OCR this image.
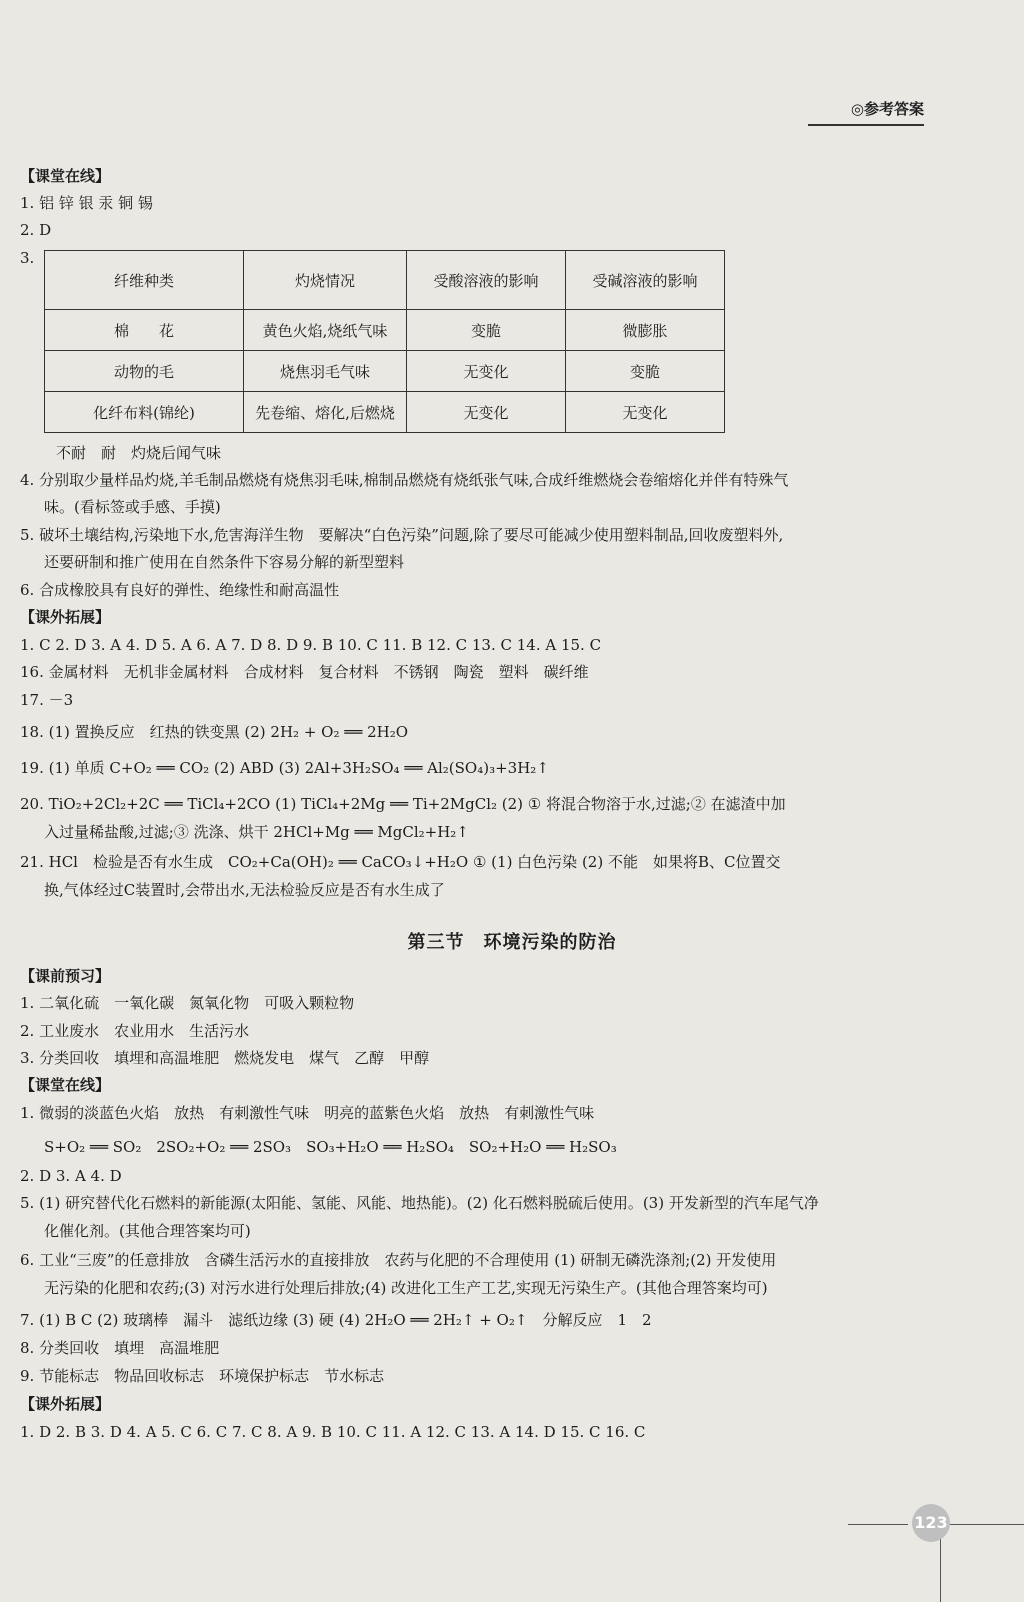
◎参考答案
【课堂在线】
1. 铝 锌 银 汞 铜 锡
2. D
3.
纤维种类	灼烧情况	受酸溶液的影响	受碱溶液的影响
棉　　花	黄色火焰,烧纸气味	变脆	微膨胀
动物的毛	烧焦羽毛气味	无变化	变脆
化纤布料(锦纶)	先卷缩、熔化,后燃烧	无变化	无变化
不耐　耐　灼烧后闻气味
4. 分别取少量样品灼烧,羊毛制品燃烧有烧焦羽毛味,棉制品燃烧有烧纸张气味,合成纤维燃烧会卷缩熔化并伴有特殊气
味。(看标签或手感、手摸)
5. 破坏土壤结构,污染地下水,危害海洋生物　要解决“白色污染”问题,除了要尽可能减少使用塑料制品,回收废塑料外,
还要研制和推广使用在自然条件下容易分解的新型塑料
6. 合成橡胶具有良好的弹性、绝缘性和耐高温性
【课外拓展】
1. C 2. D 3. A 4. D 5. A 6. A 7. D 8. D 9. B 10. C 11. B 12. C 13. C 14. A 15. C
16. 金属材料　无机非金属材料　合成材料　复合材料　不锈钢　陶瓷　塑料　碳纤维
17. －3
18. (1) 置换反应　红热的铁变黑 (2) 2H₂ + O₂ ══ 2H₂O
19. (1) 单质 C+O₂ ══ CO₂ (2) ABD (3) 2Al+3H₂SO₄ ══ Al₂(SO₄)₃+3H₂↑
20. TiO₂+2Cl₂+2C ══ TiCl₄+2CO (1) TiCl₄+2Mg ══ Ti+2MgCl₂ (2) ① 将混合物溶于水,过滤;② 在滤渣中加
入过量稀盐酸,过滤;③ 洗涤、烘干 2HCl+Mg ══ MgCl₂+H₂↑
21. HCl　检验是否有水生成　CO₂+Ca(OH)₂ ══ CaCO₃↓+H₂O ① (1) 白色污染 (2) 不能　如果将B、C位置交
换,气体经过C装置时,会带出水,无法检验反应是否有水生成了
第三节　环境污染的防治
【课前预习】
1. 二氧化硫　一氧化碳　氮氧化物　可吸入颗粒物
2. 工业废水　农业用水　生活污水
3. 分类回收　填埋和高温堆肥　燃烧发电　煤气　乙醇　甲醇
【课堂在线】
1. 微弱的淡蓝色火焰　放热　有刺激性气味　明亮的蓝紫色火焰　放热　有刺激性气味
S+O₂ ══ SO₂　2SO₂+O₂ ══ 2SO₃　SO₃+H₂O ══ H₂SO₄　SO₂+H₂O ══ H₂SO₃
2. D 3. A 4. D
5. (1) 研究替代化石燃料的新能源(太阳能、氢能、风能、地热能)。(2) 化石燃料脱硫后使用。(3) 开发新型的汽车尾气净
化催化剂。(其他合理答案均可)
6. 工业“三废”的任意排放　含磷生活污水的直接排放　农药与化肥的不合理使用 (1) 研制无磷洗涤剂;(2) 开发使用
无污染的化肥和农药;(3) 对污水进行处理后排放;(4) 改进化工生产工艺,实现无污染生产。(其他合理答案均可)
7. (1) B C (2) 玻璃棒　漏斗　滤纸边缘 (3) 硬 (4) 2H₂O ══ 2H₂↑ + O₂↑　分解反应　1　2
8. 分类回收　填埋　高温堆肥
9. 节能标志　物品回收标志　环境保护标志　节水标志
【课外拓展】
1. D 2. B 3. D 4. A 5. C 6. C 7. C 8. A 9. B 10. C 11. A 12. C 13. A 14. D 15. C 16. C
123
